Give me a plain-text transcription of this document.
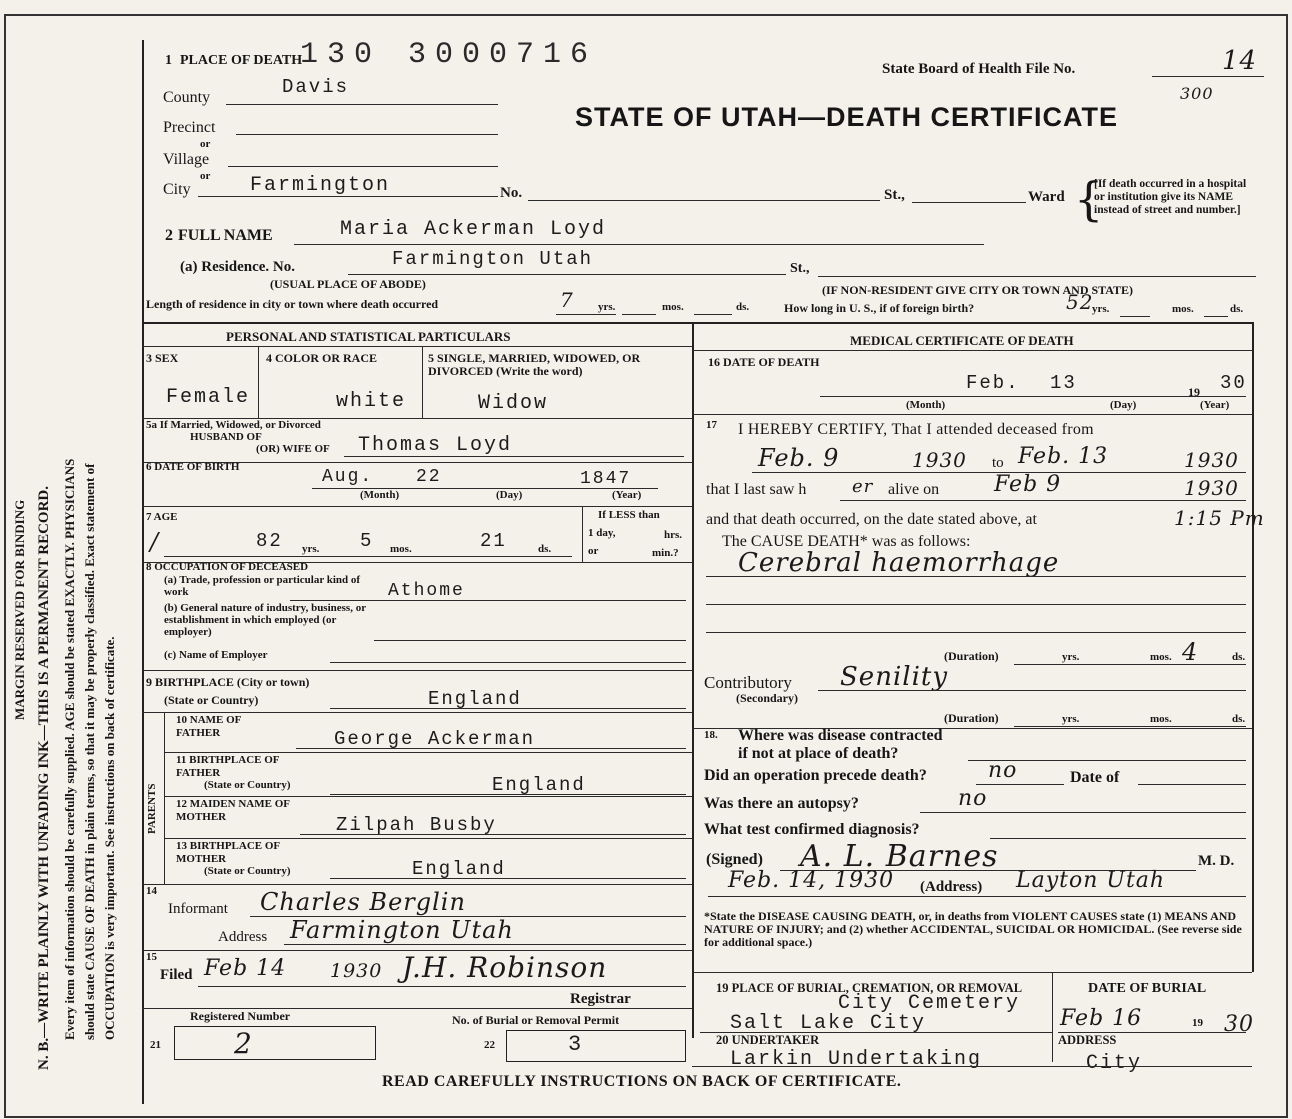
MARGIN RESERVED FOR BINDING N. B.—WRITE PLAINLY WITH UNFADING INK—THIS IS A PERMANENT RECORD. Every item of information should be carefully supplied. AGE should be stated EXACTLY. PHYSICIANS should state CAUSE OF DEATH in plain terms, so that it may be properly classified. Exact statement of OCCUPATION is very important. See instructions on back of certificate.
130 3000716	State Board of Health File No.	14
300
STATE OF UTAH—DEATH CERTIFICATE
1 PLACE OF DEATH
County	Davis
Precinct
or
Village
or
City	Farmington	No.	St.,	Ward {
[If death occurred in a hospital or institution give its NAME instead of street and number.]
2 FULL NAME	Maria Ackerman Loyd
(a) Residence. No.	Farmington Utah	St.,
(USUAL PLACE OF ABODE)	(IF NON-RESIDENT GIVE CITY OR TOWN AND STATE)
Length of residence in city or town where death occurred	7 yrs.	mos.	ds.	How long in U. S., if of foreign birth?	52
yrs.	mos.	ds.
PERSONAL AND STATISTICAL PARTICULARS
3 SEX
Female
4 COLOR OR RACE
white
5 SINGLE, MARRIED, WIDOWED, OR DIVORCED (Write the word)
Widow
5a If Married, Widowed, or Divorced
HUSBAND OF
(OR) WIFE OF Thomas Loyd
6 DATE OF BIRTH	Aug. 22	1847
(Month)	(Day)	(Year)
7 AGE
/	82 yrs. 5 mos.	21	ds.
If LESS than
1 day,	hrs.
or	min.?
8 OCCUPATION OF DECEASED
(a) Trade, profession or particular kind of work	Athome
(b) General nature of industry, business, or establishment in which employed (or employer)
(c) Name of Employer
9 BIRTHPLACE (City or town)
(State or Country)	England
PARENTS
10 NAME OF FATHER	George Ackerman
11 BIRTHPLACE OF FATHER
(State or Country)	England
12 MAIDEN NAME OF MOTHER	Zilpah Busby
13 BIRTHPLACE OF MOTHER
(State or Country)	England
14
Informant Charles Berglin
Address Farmington Utah
15
Filed Feb 14 1930 J.H. Robinson
Registrar
Registered Number	No. of Burial or Removal Permit
21	2	22	3
MEDICAL CERTIFICATE OF DEATH
16 DATE OF DEATH
Feb. 13	19 30
(Month)	(Day)	(Year)
17 I HEREBY CERTIFY, That I attended deceased from
Feb. 9	1930 to Feb. 13	1930
that I last saw h	er alive on Feb 9	1930
and that death occurred, on the date stated above, at	1:15 Pm
The CAUSE DEATH* was as follows:
Cerebral haemorrhage
(Duration)	yrs.	mos. 4	ds.
Contributory
(Secondary)
Senility
(Duration)	yrs.	mos.	ds.
18. Where was disease contracted
if not at place of death?
Did an operation precede death?	no	Date of
Was there an autopsy?	no
What test confirmed diagnosis?
(Signed) A. L. Barnes	M. D.
Feb. 14, 1930 (Address) Layton Utah
*State the DISEASE CAUSING DEATH, or, in deaths from VIOLENT CAUSES state (1) MEANS AND NATURE OF INJURY; and (2) whether ACCIDENTAL, SUICIDAL OR HOMICIDAL. (See reverse side for additional space.)
19 PLACE OF BURIAL, CREMATION, OR REMOVAL
City Cemetery
Salt Lake City
DATE OF BURIAL
Feb 16	19 30
20 UNDERTAKER
Larkin Undertaking
ADDRESS
City
READ CAREFULLY INSTRUCTIONS ON BACK OF CERTIFICATE.
